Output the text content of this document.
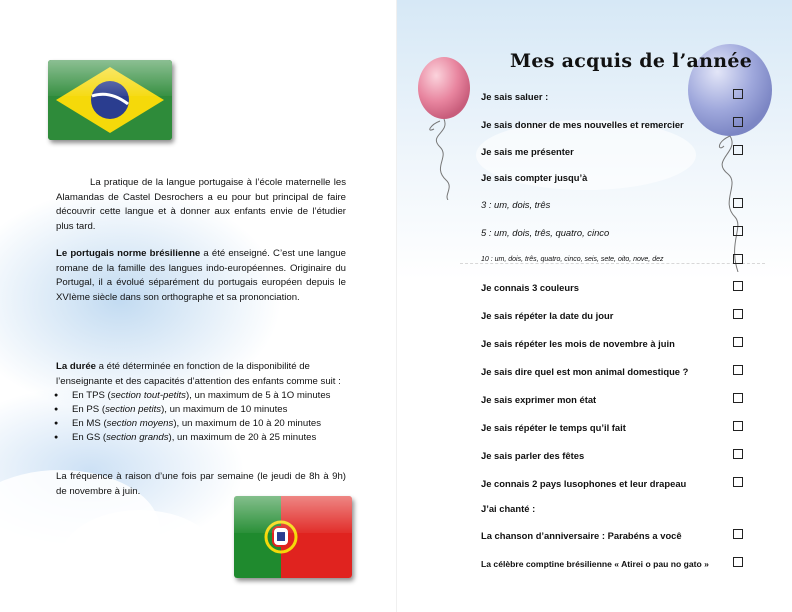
La pratique de la langue portugaise à l’école maternelle les Alamandas de Castel Desrochers a eu pour but principal de faire découvrir cette langue et à donner aux enfants envie de l’étudier plus tard.

Le portugais norme brésilienne a été enseigné. C’est une langue romane de la famille des langues indo-européennes. Originaire du Portugal, il a évolué séparément du portugais européen depuis le XVIème siècle dans son orthographe et sa prononciation.

La durée a été déterminée en fonction de la disponibilité de l’enseignante et des capacités d’attention des enfants comme suit :

● En TPS (section tout-petits), un maximum de 5 à 1O minutes
● En PS (section petits), un maximum de 10 minutes
● En MS (section moyens), un maximum de 10 à 20 minutes
● En GS (section grands), un maximum de 20 à 25 minutes

La fréquence à raison d’une fois par semaine (le jeudi de 8h à 9h) de novembre à juin.

Mes acquis de l’année
Je sais saluer :
Je sais donner de mes nouvelles et remercier
Je sais me présenter
Je sais compter jusqu’à
3 : um, dois, três
5 : um, dois, três, quatro, cinco
10 : um, dois, três, quatro, cinco, seis, sete, oito, nove, dez
Je connais 3 couleurs
Je sais répéter la date du jour
Je sais répéter les mois de novembre à juin
Je sais dire quel est mon animal domestique ?
Je sais exprimer mon état
Je sais répéter le temps qu’il fait
Je sais parler des fêtes
Je connais 2 pays lusophones et leur drapeau
J’ai chanté :
La chanson d’anniversaire : Parabéns a você
La célèbre comptine brésilienne « Atirei o pau no gato »
